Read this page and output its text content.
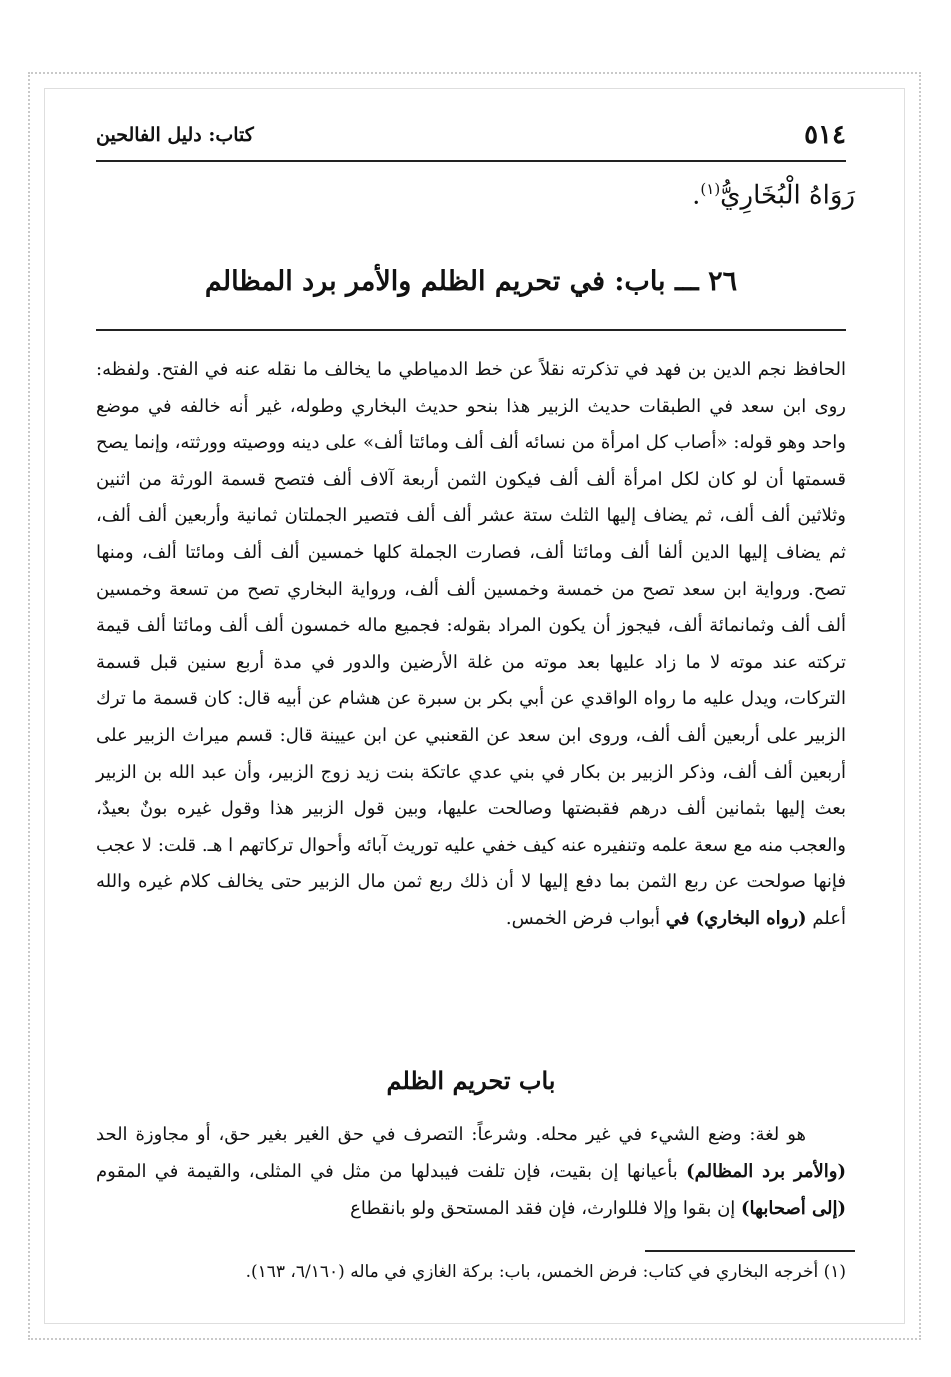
٥١٤
كتاب: دليل الفالحين
رَوَاهُ الْبُخَارِيُّ$^{(١)}$.
٢٦ ـــ باب: في تحريم الظلم والأمر برد المظالم

الحافظ نجم الدين بن فهد في تذكرته نقلاً عن خط الدمياطي ما يخالف ما نقله عنه في الفتح. ولفظه: روى ابن سعد في الطبقات حديث الزبير هذا بنحو حديث البخاري وطوله، غير أنه خالفه في موضع واحد وهو قوله: «أصاب كل امرأة من نسائه ألف ألف ومائتا ألف» على دينه ووصيته وورثته، وإنما يصح قسمتها أن لو كان لكل امرأة ألف ألف فيكون الثمن أربعة آلاف ألف فتصح قسمة الورثة من اثنين وثلاثين ألف ألف، ثم يضاف إليها الثلث ستة عشر ألف ألف فتصير الجملتان ثمانية وأربعين ألف ألف، ثم يضاف إليها الدين ألفا ألف ومائتا ألف، فصارت الجملة كلها خمسين ألف ألف ومائتا ألف، ومنها تصح. ورواية ابن سعد تصح من خمسة وخمسين ألف ألف، ورواية البخاري تصح من تسعة وخمسين ألف ألف وثمانمائة ألف، فيجوز أن يكون المراد بقوله: فجميع ماله خمسون ألف ألف ومائتا ألف قيمة تركته عند موته لا ما زاد عليها بعد موته من غلة الأرضين والدور في مدة أربع سنين قبل قسمة التركات، ويدل عليه ما رواه الواقدي عن أبي بكر بن سبرة عن هشام عن أبيه قال: كان قسمة ما ترك الزبير على أربعين ألف ألف، وروى ابن سعد عن القعنبي عن ابن عيينة قال: قسم ميراث الزبير على أربعين ألف ألف، وذكر الزبير بن بكار في بني عدي عاتكة بنت زيد زوج الزبير، وأن عبد الله بن الزبير بعث إليها بثمانين ألف درهم فقبضتها وصالحت عليها، وبين قول الزبير هذا وقول غيره بونٌ بعيدٌ، والعجب منه مع سعة علمه وتنفيره عنه كيف خفي عليه توريث آبائه وأحوال تركاتهم ا هـ. قلت: لا عجب فإنها صولحت عن ربع الثمن بما دفع إليها لا أن ذلك ربع ثمن مال الزبير حتى يخالف كلام غيره والله أعلم (رواه البخاري) في أبواب فرض الخمس.

باب تحريم الظلم

هو لغة: وضع الشيء في غير محله. وشرعاً: التصرف في حق الغير بغير حق، أو مجاوزة الحد (والأمر برد المظالم) بأعيانها إن بقيت، فإن تلفت فيبدلها من مثل في المثلى، والقيمة في المقوم (إلى أصحابها) إن بقوا وإلا فللوارث، فإن فقد المستحق ولو بانقطاع

(١) أخرجه البخاري في كتاب: فرض الخمس، باب: بركة الغازي في ماله (٦/١٦٠، ١٦٣).
